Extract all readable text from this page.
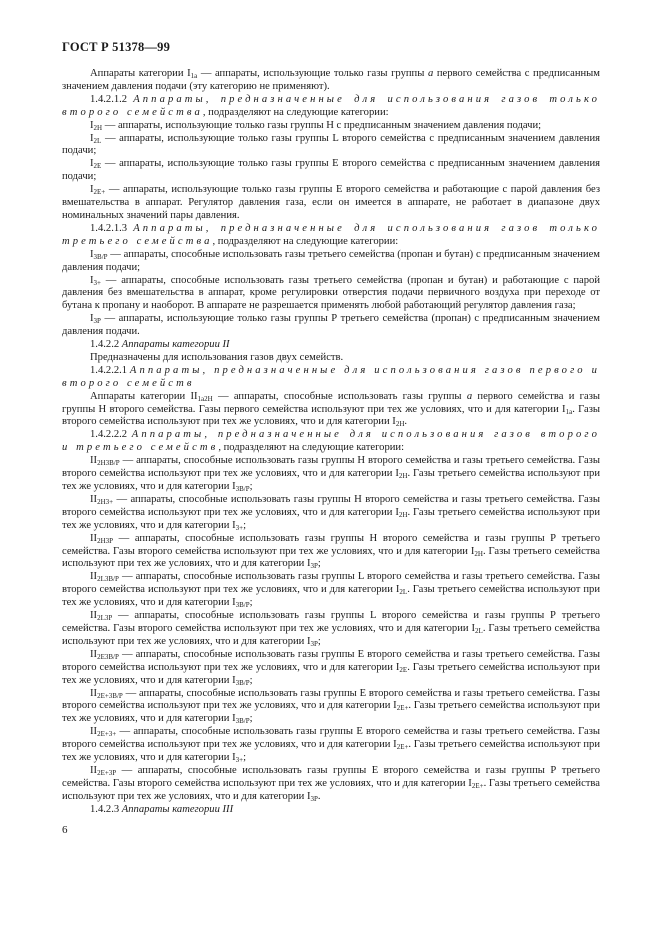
ГОСТ Р 51378—99

Аппараты категории $I_{1a}$ — аппараты, использующие только газы группы a первого семейства с предписанным значением давления подачи (эту категорию не применяют).

1.4.2.1.2 Аппараты, предназначенные для использования газов только второго семейства, подразделяют на следующие категории:

$I_{2H}$ — аппараты, использующие только газы группы Н с предписанным значением давления подачи;

$I_{2L}$ — аппараты, использующие только газы группы L второго семейства с предписанным значением давления подачи;

$I_{2E}$ — аппараты, использующие только газы группы Е второго семейства с предписанным значением давления подачи;

$I_{2E+}$ — аппараты, использующие только газы группы Е второго семейства и работающие с парой давления без вмешательства в аппарат. Регулятор давления газа, если он имеется в аппарате, не работает в диапазоне двух номинальных значений пары давления.

1.4.2.1.3 Аппараты, предназначенные для использования газов только третьего семейства, подразделяют на следующие категории:

$I_{3B/P}$ — аппараты, способные использовать газы третьего семейства (пропан и бутан) с предписанным значением давления подачи;

$I_{3+}$ — аппараты, способные использовать газы третьего семейства (пропан и бутан) и работающие с парой давления без вмешательства в аппарат, кроме регулировки отверстия подачи первичного воздуха при переходе от бутана к пропану и наоборот. В аппарате не разрешается применять любой работающий регулятор давления газа;

$I_{3P}$ — аппараты, использующие только газы группы Р третьего семейства (пропан) с предписанным значением давления подачи.

1.4.2.2 Аппараты категории II

Предназначены для использования газов двух семейств.

1.4.2.2.1 Аппараты, предназначенные для использования газов первого и второго семейств

Аппараты категории $II_{1a2H}$ — аппараты, способные использовать газы группы a первого семейства и газы группы Н второго семейства. Газы первого семейства используют при тех же условиях, что и для категории $I_{1a}$. Газы второго семейства используют при тех же условиях, что и для категории $I_{2H}$.

1.4.2.2.2 Аппараты, предназначенные для использования газов второго и третьего семейств, подразделяют на следующие категории:

$II_{2H3B/P}$ — аппараты, способные использовать газы группы Н второго семейства и газы третьего семейства. Газы второго семейства используют при тех же условиях, что и для категории $I_{2H}$. Газы третьего семейства используют при тех же условиях, что и для категории $I_{3B/P}$;

$II_{2H3+}$ — аппараты, способные использовать газы группы Н второго семейства и газы третьего семейства. Газы второго семейства используют при тех же условиях, что и для категории $I_{2H}$. Газы третьего семейства используют при тех же условиях, что и для категории $I_{3+}$;

$II_{2H3P}$ — аппараты, способные использовать газы группы Н второго семейства и газы группы Р третьего семейства. Газы второго семейства используют при тех же условиях, что и для категории $I_{2H}$. Газы третьего семейства используют при тех же условиях, что и для категории $I_{3P}$;

$II_{2L3B/P}$ — аппараты, способные использовать газы группы L второго семейства и газы третьего семейства. Газы второго семейства используют при тех же условиях, что и для категории $I_{2L}$. Газы третьего семейства используют при тех же условиях, что и для категории $I_{3B/P}$;

$II_{2L3P}$ — аппараты, способные использовать газы группы L второго семейства и газы группы Р третьего семейства. Газы второго семейства используют при тех же условиях, что и для категории $I_{2L}$. Газы третьего семейства используют при тех же условиях, что и для категории $I_{3P}$;

$II_{2E3B/P}$ — аппараты, способные использовать газы группы Е второго семейства и газы третьего семейства. Газы второго семейства используют при тех же условиях, что и для категории $I_{2E}$. Газы третьего семейства используют при тех же условиях, что и для категории $I_{3B/P}$;

$II_{2E+3B/P}$ — аппараты, способные использовать газы группы Е второго семейства и газы третьего семейства. Газы второго семейства используют при тех же условиях, что и для категории $I_{2E+}$. Газы третьего семейства используют при тех же условиях, что и для категории $I_{3B/P}$;

$II_{2E+3+}$ — аппараты, способные использовать газы группы Е второго семейства и газы третьего семейства. Газы второго семейства используют при тех же условиях, что и для категории $I_{2E+}$. Газы третьего семейства используют при тех же условиях, что и для категории $I_{3+}$;

$II_{2E+3P}$ — аппараты, способные использовать газы группы Е второго семейства и газы группы Р третьего семейства. Газы второго семейства используют при тех же условиях, что и для категории $I_{2E+}$. Газы третьего семейства используют при тех же условиях, что и для категории $I_{3P}$.

1.4.2.3 Аппараты категории III

6
